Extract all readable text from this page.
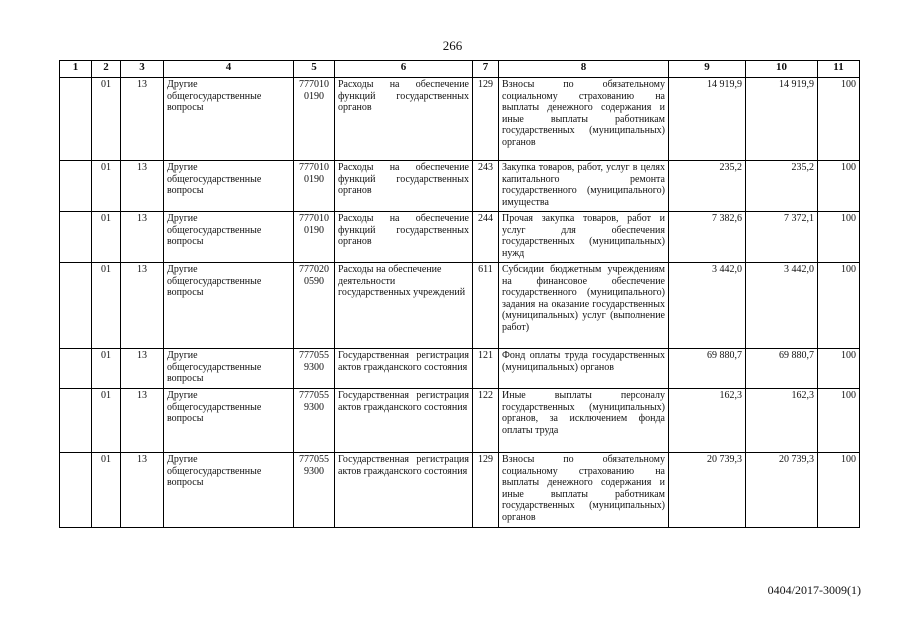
266
1	2	3	4	5	6	7	8	9	10	11
	01	13	Другие общегосударственные вопросы	777010 0190	Расходы на обеспечение функций государственных органов	129	Взносы по обязательному социальному страхованию на выплаты денежного содержания и иные выплаты работникам государственных (муниципальных) органов	14 919,9	14 919,9	100
	01	13	Другие общегосударственные вопросы	777010 0190	Расходы на обеспечение функций государственных органов	243	Закупка товаров, работ, услуг в целях капитального ремонта государственного (муниципального) имущества	235,2	235,2	100
	01	13	Другие общегосударственные вопросы	777010 0190	Расходы на обеспечение функций государственных органов	244	Прочая закупка товаров, работ и услуг для обеспечения государственных (муниципальных) нужд	7 382,6	7 372,1	100
	01	13	Другие общегосударственные вопросы	777020 0590	Расходы на обеспечение деятельности государственных учреждений	611	Субсидии бюджетным учреждениям на финансовое обеспечение государственного (муниципального) задания на оказание государственных (муниципальных) услуг (выполнение работ)	3 442,0	3 442,0	100
	01	13	Другие общегосударственные вопросы	777055 9300	Государственная регистрация актов гражданского состояния	121	Фонд оплаты труда государственных (муниципальных) органов	69 880,7	69 880,7	100
	01	13	Другие общегосударственные вопросы	777055 9300	Государственная регистрация актов гражданского состояния	122	Иные выплаты персоналу государственных (муниципальных) органов, за исключением фонда оплаты труда	162,3	162,3	100
	01	13	Другие общегосударственные вопросы	777055 9300	Государственная регистрация актов гражданского состояния	129	Взносы по обязательному социальному страхованию на выплаты денежного содержания и иные выплаты работникам государственных (муниципальных) органов	20 739,3	20 739,3	100
0404/2017-3009(1)
